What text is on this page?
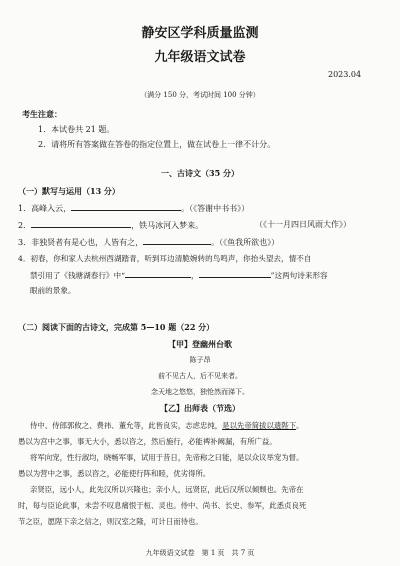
静安区学科质量监测
九年级语文试卷
2023.04
（满分 150 分，考试时间 100 分钟）
考生注意：
1．本试卷共 21 题。
2．请将所有答案做在答卷的指定位置上，做在试卷上一律不计分。
一、古诗文（35 分）
（一）默写与运用（13 分）
1．高峰入云，	。（《答谢中书书》）
2．	，铁马冰河入梦来。	（《十一月四日风雨大作》）
3．非独贤者有是心也，人皆有之，	。（《鱼我所欲也》）
4．初春，你和家人去杭州西湖踏青，听到耳边清脆婉转的鸟鸣声，你抬头望去，情不自
禁引用了《钱塘湖春行》中“	，	”这两句诗来形容
眼前的景象。
（二）阅读下面的古诗文，完成第 5—10 题（22 分）
【甲】登幽州台歌
陈子昂
前不见古人，后不见来者。
念天地之悠悠，独怆然而涕下。
【乙】出师表（节选）
侍中、侍郎郭攸之、费祎、董允等，此皆良实，志虑忠纯，是以先帝简拔以遗陛下。
愚以为宫中之事，事无大小，悉以咨之，然后施行，必能裨补阙漏，有所广益。
将军向宠，性行淑均，晓畅军事，试用于昔日，先帝称之曰能，是以众议举宠为督。
愚以为营中之事，悉以咨之，必能使行阵和睦，优劣得所。
亲贤臣，远小人，此先汉所以兴隆也；亲小人，远贤臣，此后汉所以倾颓也。先帝在
时，每与臣论此事，未尝不叹息痛恨于桓、灵也。侍中、尚书、长史、参军，此悉贞良死
节之臣，愿陛下亲之信之，则汉室之隆，可计日而待也。
九年级语文试卷　第 1 页　共 7 页
